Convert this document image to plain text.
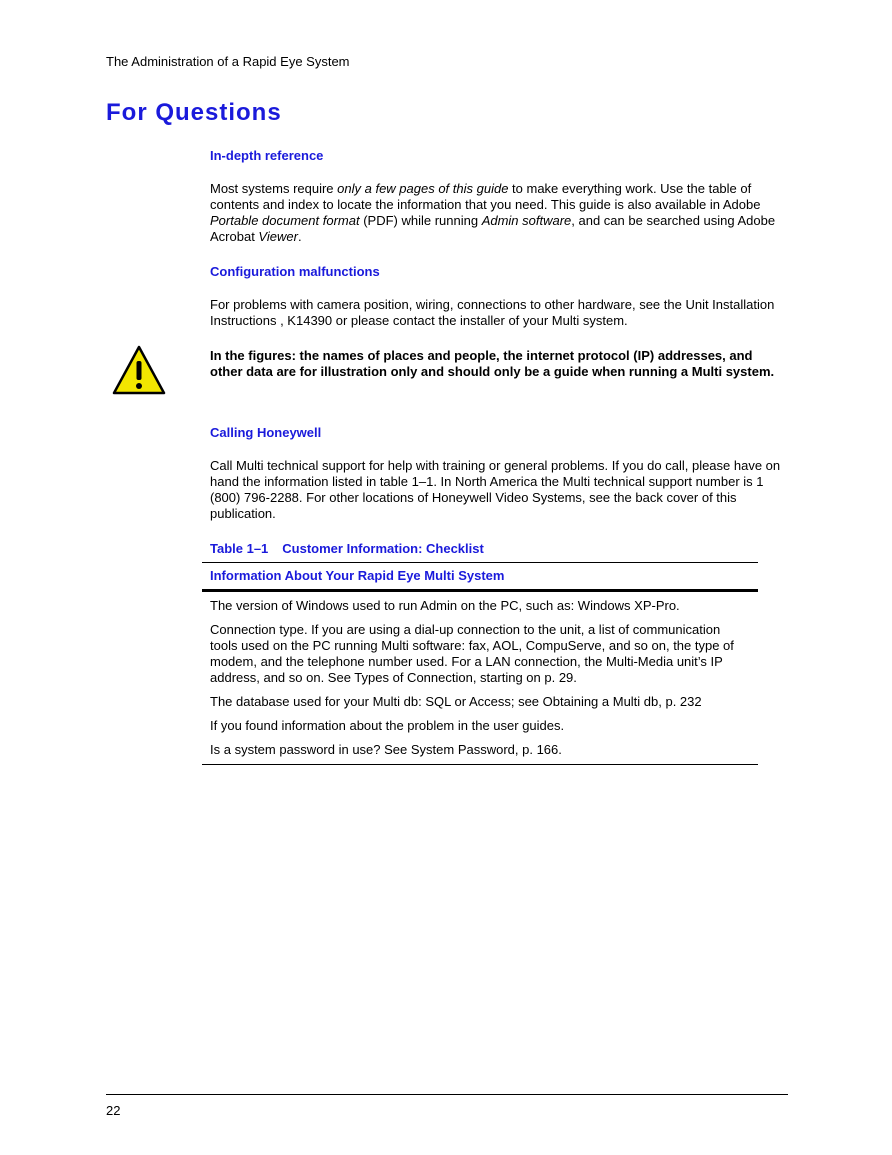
The Administration of a Rapid Eye System
For Questions
In-depth reference

Most systems require only a few pages of this guide to make everything work. Use the table of contents and index to locate the information that you need. This guide is also available in Adobe Portable document format (PDF) while running Admin software, and can be searched using Adobe Acrobat Viewer.

Configuration malfunctions

For problems with camera position, wiring, connections to other hardware, see the Unit Installation Instructions , K14390 or please contact the installer of your Multi system.

In the figures: the names of places and people, the internet protocol (IP) addresses, and other data are for illustration only and should only be a guide when running a Multi system.

Calling Honeywell

Call Multi technical support for help with training or general problems. If you do call, please have on hand the information listed in table 1–1. In North America the Multi technical support number is 1 (800) 796-2288. For other locations of Honeywell Video Systems, see the back cover of this publication.

Table 1–1 Customer Information: Checklist
Information About Your Rapid Eye Multi System
The version of Windows used to run Admin on the PC, such as: Windows XP-Pro.
Connection type. If you are using a dial-up connection to the unit, a list of communication tools used on the PC running Multi software: fax, AOL, CompuServe, and so on, the type of modem, and the telephone number used. For a LAN connection, the Multi-Media unit’s IP address, and so on. See Types of Connection, starting on p. 29.
The database used for your Multi db: SQL or Access; see Obtaining a Multi db, p. 232
If you found information about the problem in the user guides.
Is a system password in use? See System Password, p. 166.
22
